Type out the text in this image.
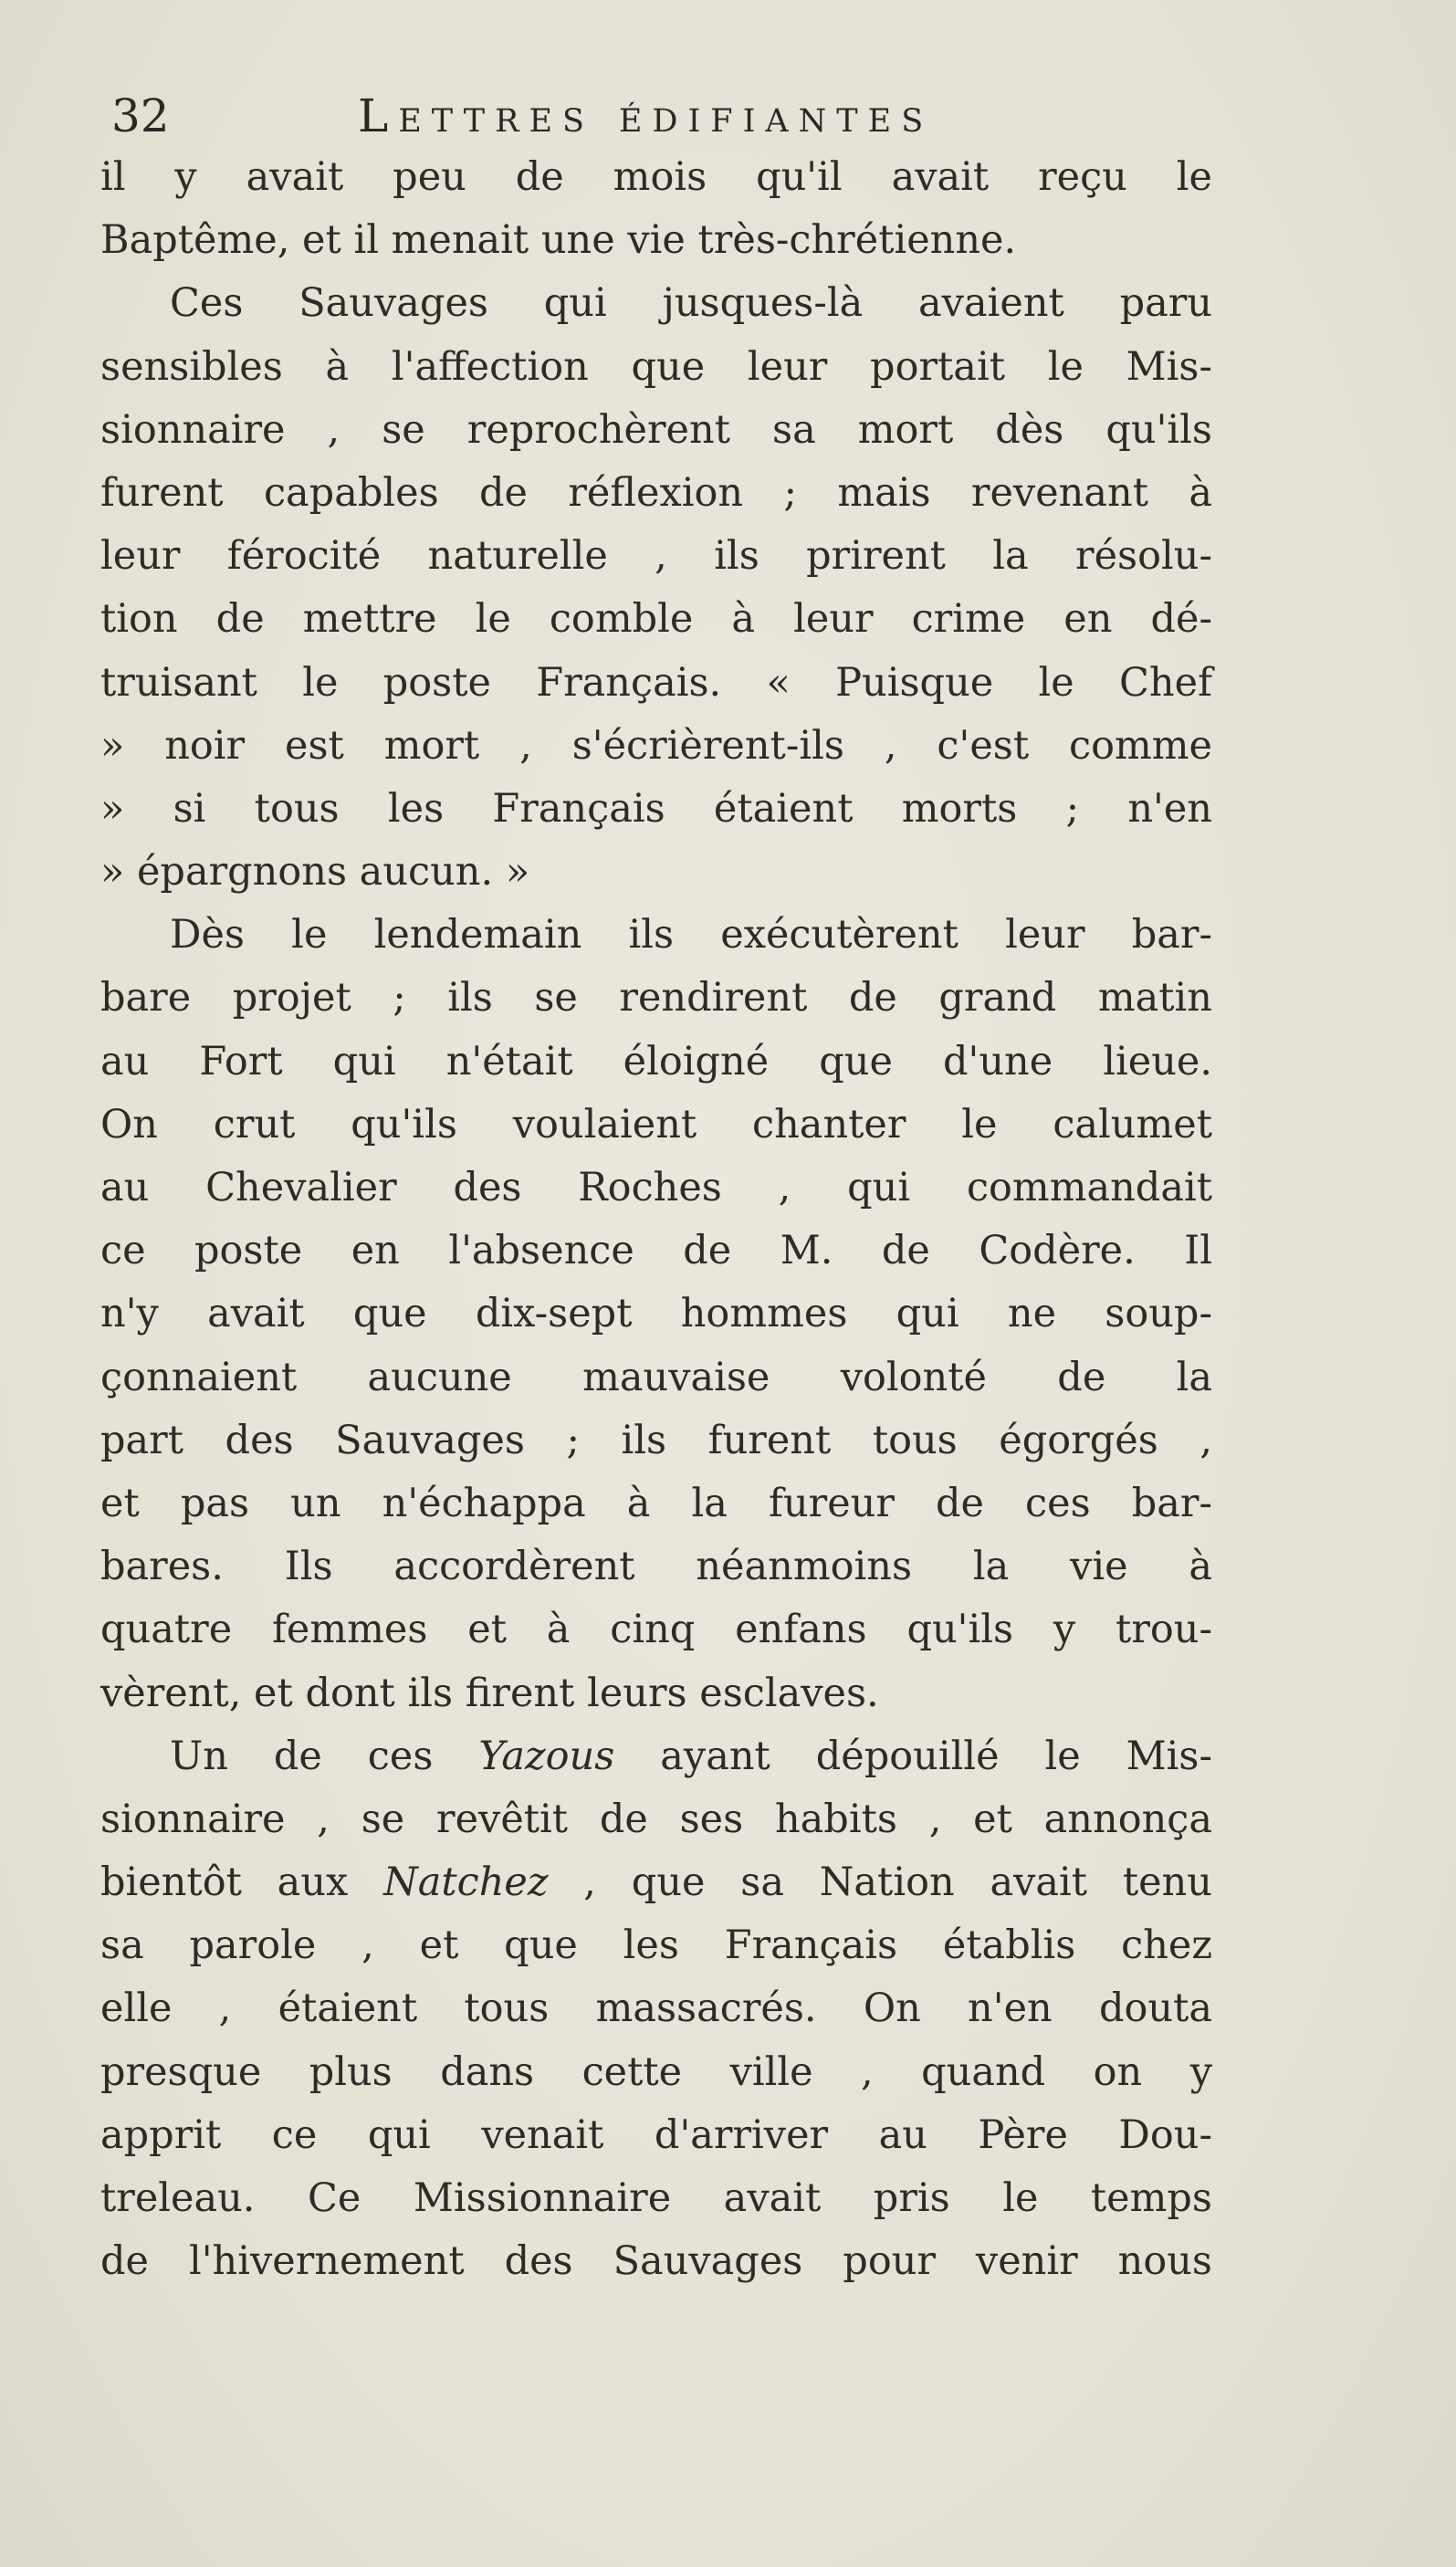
32	Lettres édifiantes
il y avait peu de mois qu'il avait reçu le
Baptême, et il menait une vie très-chrétienne.
Ces Sauvages qui jusques-là avaient paru
sensibles à l'affection que leur portait le Mis-
sionnaire , se reprochèrent sa mort dès qu'ils
furent capables de réflexion ; mais revenant à
leur férocité naturelle , ils prirent la résolu-
tion de mettre le comble à leur crime en dé-
truisant le poste Français. « Puisque le Chef
» noir est mort , s'écrièrent-ils , c'est comme
» si tous les Français étaient morts ; n'en
» épargnons aucun. »
Dès le lendemain ils exécutèrent leur bar-
bare projet ; ils se rendirent de grand matin
au Fort qui n'était éloigné que d'une lieue.
On crut qu'ils voulaient chanter le calumet
au Chevalier des Roches , qui commandait
ce poste en l'absence de M. de Codère. Il
n'y avait que dix-sept hommes qui ne soup-
çonnaient aucune mauvaise volonté de la
part des Sauvages ; ils furent tous égorgés ,
et pas un n'échappa à la fureur de ces bar-
bares. Ils accordèrent néanmoins la vie à
quatre femmes et à cinq enfans qu'ils y trou-
vèrent, et dont ils firent leurs esclaves.
Un de ces Yazous ayant dépouillé le Mis-
sionnaire , se revêtit de ses habits , et annonça
bientôt aux Natchez , que sa Nation avait tenu
sa parole , et que les Français établis chez
elle , étaient tous massacrés. On n'en douta
presque plus dans cette ville , quand on y
apprit ce qui venait d'arriver au Père Dou-
treleau. Ce Missionnaire avait pris le temps
de l'hivernement des Sauvages pour venir nous
